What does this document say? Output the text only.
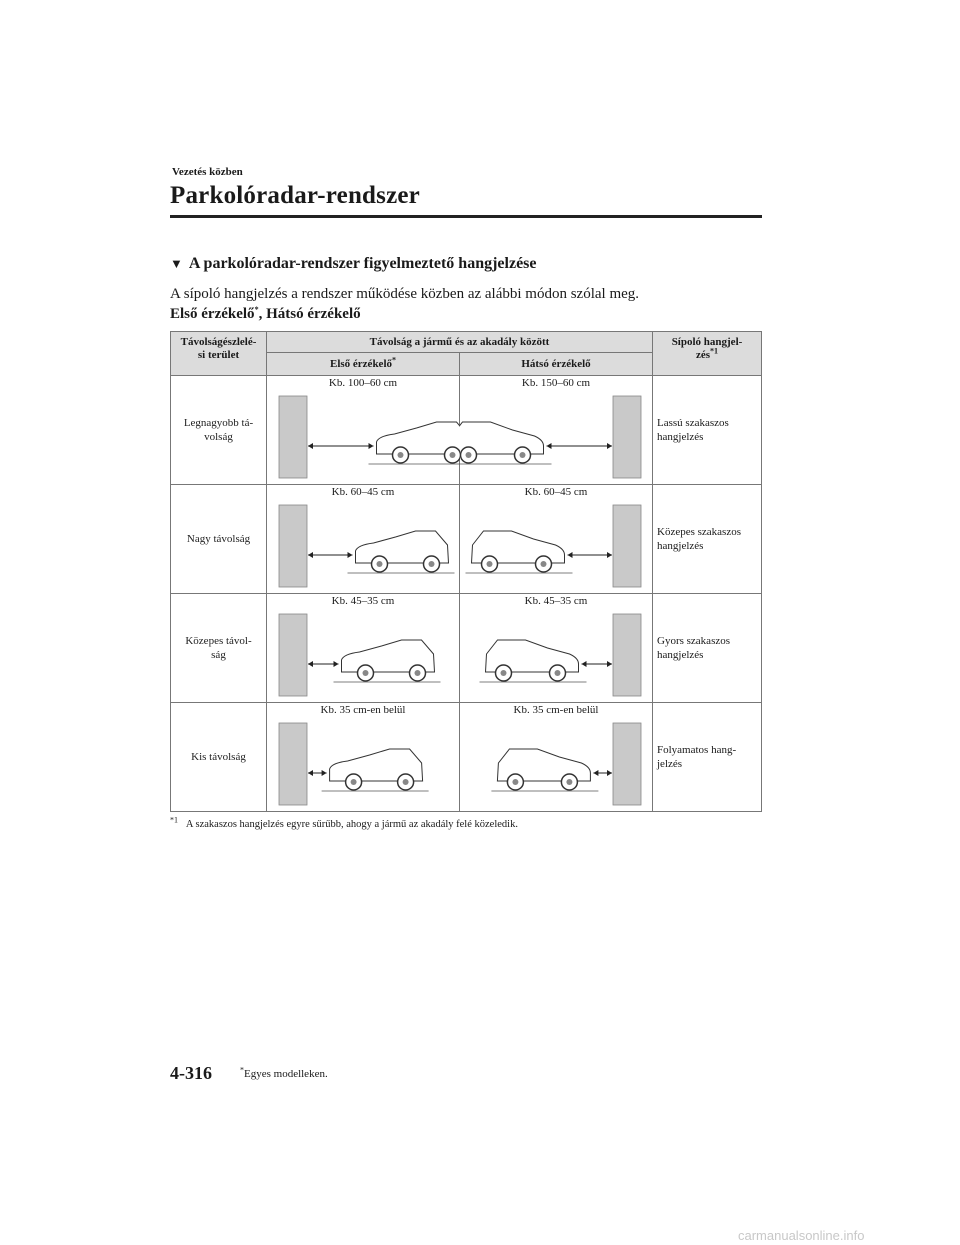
Vezetés közben
Parkolóradar-rendszer
▼ A parkolóradar-rendszer figyelmeztető hangjelzése
A sípoló hangjelzés a rendszer működése közben az alábbi módon szólal meg.
Első érzékelő*, Hátsó érzékelő
Távolságészlelé-
si terület	Távolság a jármű és az akadály között		Sípoló hangjel-
zés$^{*1}$
	Első érzékelő*	Hátsó érzékelő	

Legnagyobb tá-
volság	Kb. 100–60 cm	Kb. 150–60 cm	Lassú szakaszos
hangjelzés

Nagy távolság	Kb. 60–45 cm	Kb. 60–45 cm	Közepes szakaszos
hangjelzés

Közepes távol-
ság	Kb. 45–35 cm	Kb. 45–35 cm	Gyors szakaszos
hangjelzés

Kis távolság	Kb. 35 cm-en belül	Kb. 35 cm-en belül	Folyamatos hang-
jelzés
$^{*1}$ A szakaszos hangjelzés egyre sűrűbb, ahogy a jármű az akadály felé közeledik.
4-316	*Egyes modelleken.
carmanualsonline.info
